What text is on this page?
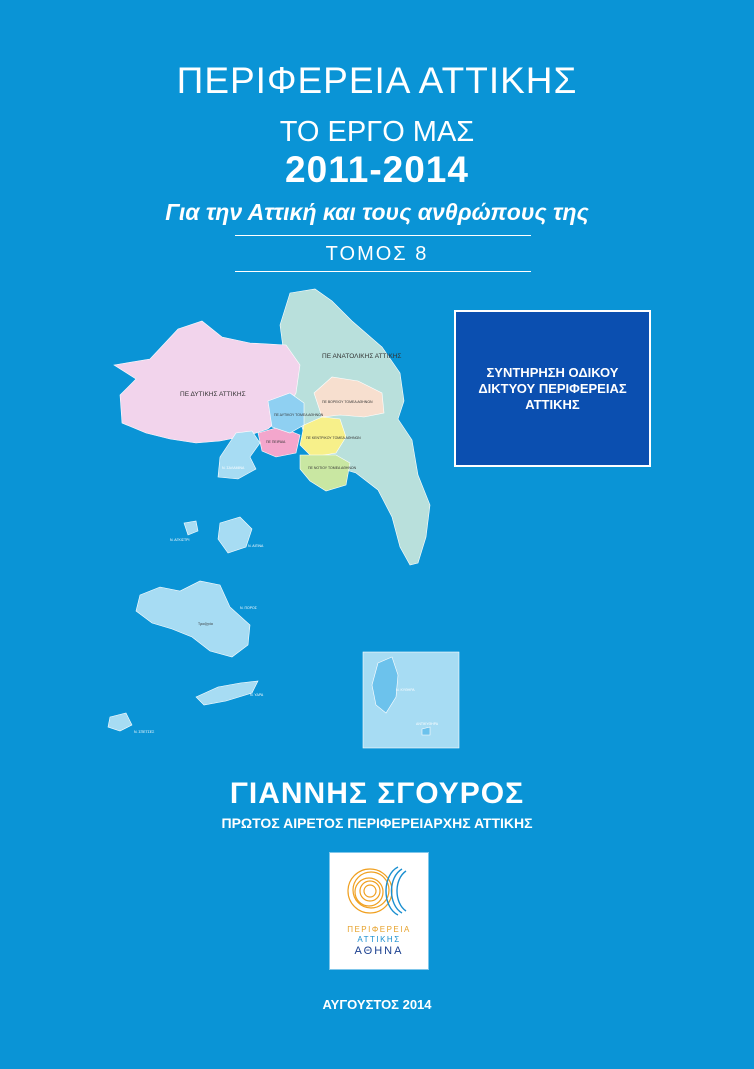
ΠΕΡΙΦΕΡΕΙΑ ΑΤΤΙΚΗΣ
ΤΟ ΕΡΓΟ ΜΑΣ
2011-2014
Για την Αττική και τους ανθρώπους της
ΤΟΜΟΣ 8
ΣΥΝΤΗΡΗΣΗ ΟΔΙΚΟΥ
ΔΙΚΤΥΟΥ ΠΕΡΙΦΕΡΕΙΑΣ
ΑΤΤΙΚΗΣ
ΠΕ ΑΝΑΤΟΛΙΚΗΣ ΑΤΤΙΚΗΣ
ΠΕ ΔΥΤΙΚΗΣ ΑΤΤΙΚΗΣ
ΠΕ ΒΟΡΕΙΟΥ ΤΟΜΕΑ ΑΘΗΝΩΝ
ΠΕ ΔΥΤΙΚΟΥ ΤΟΜΕΑ ΑΘΗΝΩΝ
ΠΕ ΚΕΝΤΡΙΚΟΥ ΤΟΜΕΑ ΑΘΗΝΩΝ
ΠΕ ΠΕΙΡΑΙΑ
ΠΕ ΝΟΤΙΟΥ ΤΟΜΕΑ ΑΘΗΝΩΝ
Ν. ΣΑΛΑΜΙΝΑ
Ν. ΑΙΓΙΝΑ
Ν. ΑΓΚΙΣΤΡΙ
Ν. ΠΟΡΟΣ
Τροιζηνία
Ν. ΥΔΡΑ
Ν. ΣΠΕΤΣΕΣ
Ν. ΚΥΘΗΡΑ
ΑΝΤΙΚΥΘΗΡΑ
ΓΙΑΝΝΗΣ ΣΓΟΥΡΟΣ
ΠΡΩΤΟΣ ΑΙΡΕΤΟΣ ΠΕΡΙΦΕΡΕΙΑΡΧΗΣ ΑΤΤΙΚΗΣ
ΠΕΡΙΦΕΡΕΙΑ
ΑΤΤΙΚΗΣ
ΑΘΗΝΑ
ΑΥΓΟΥΣΤΟΣ 2014
